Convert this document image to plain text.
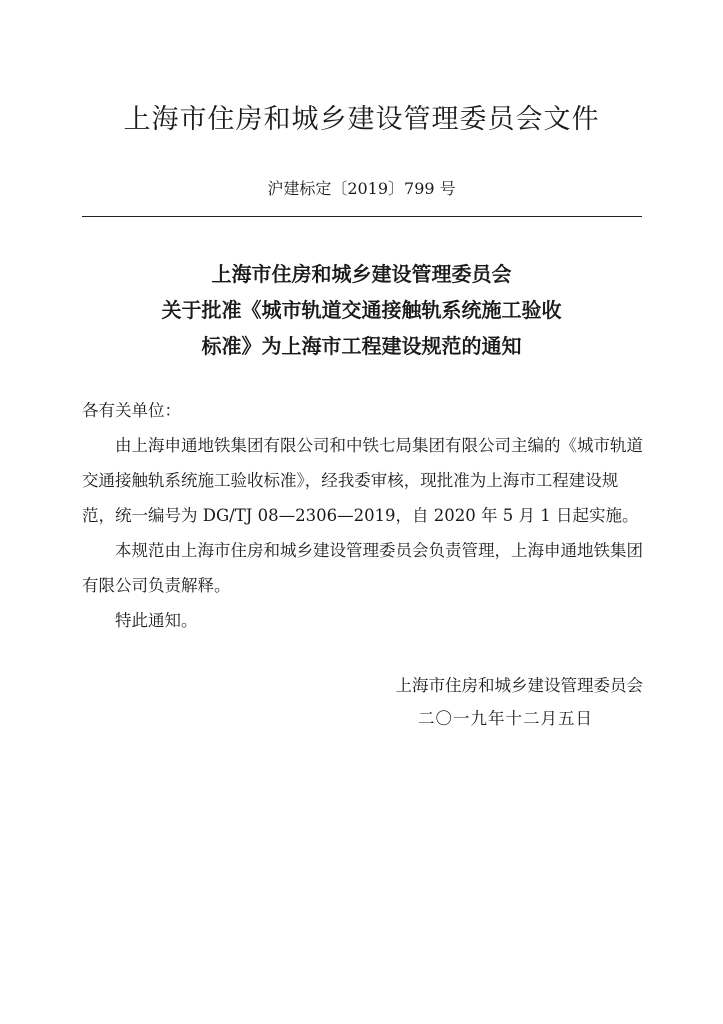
上海市住房和城乡建设管理委员会文件
沪建标定〔2019〕799 号
上海市住房和城乡建设管理委员会
关于批准《城市轨道交通接触轨系统施工验收
标准》为上海市工程建设规范的通知
各有关单位：

由上海申通地铁集团有限公司和中铁七局集团有限公司主编的《城市轨道交通接触轨系统施工验收标准》，经我委审核，现批准为上海市工程建设规范，统一编号为 DG/TJ 08—2306—2019，自 2020 年 5 月 1 日起实施。

本规范由上海市住房和城乡建设管理委员会负责管理，上海申通地铁集团有限公司负责解释。

特此通知。

上海市住房和城乡建设管理委员会
二〇一九年十二月五日
